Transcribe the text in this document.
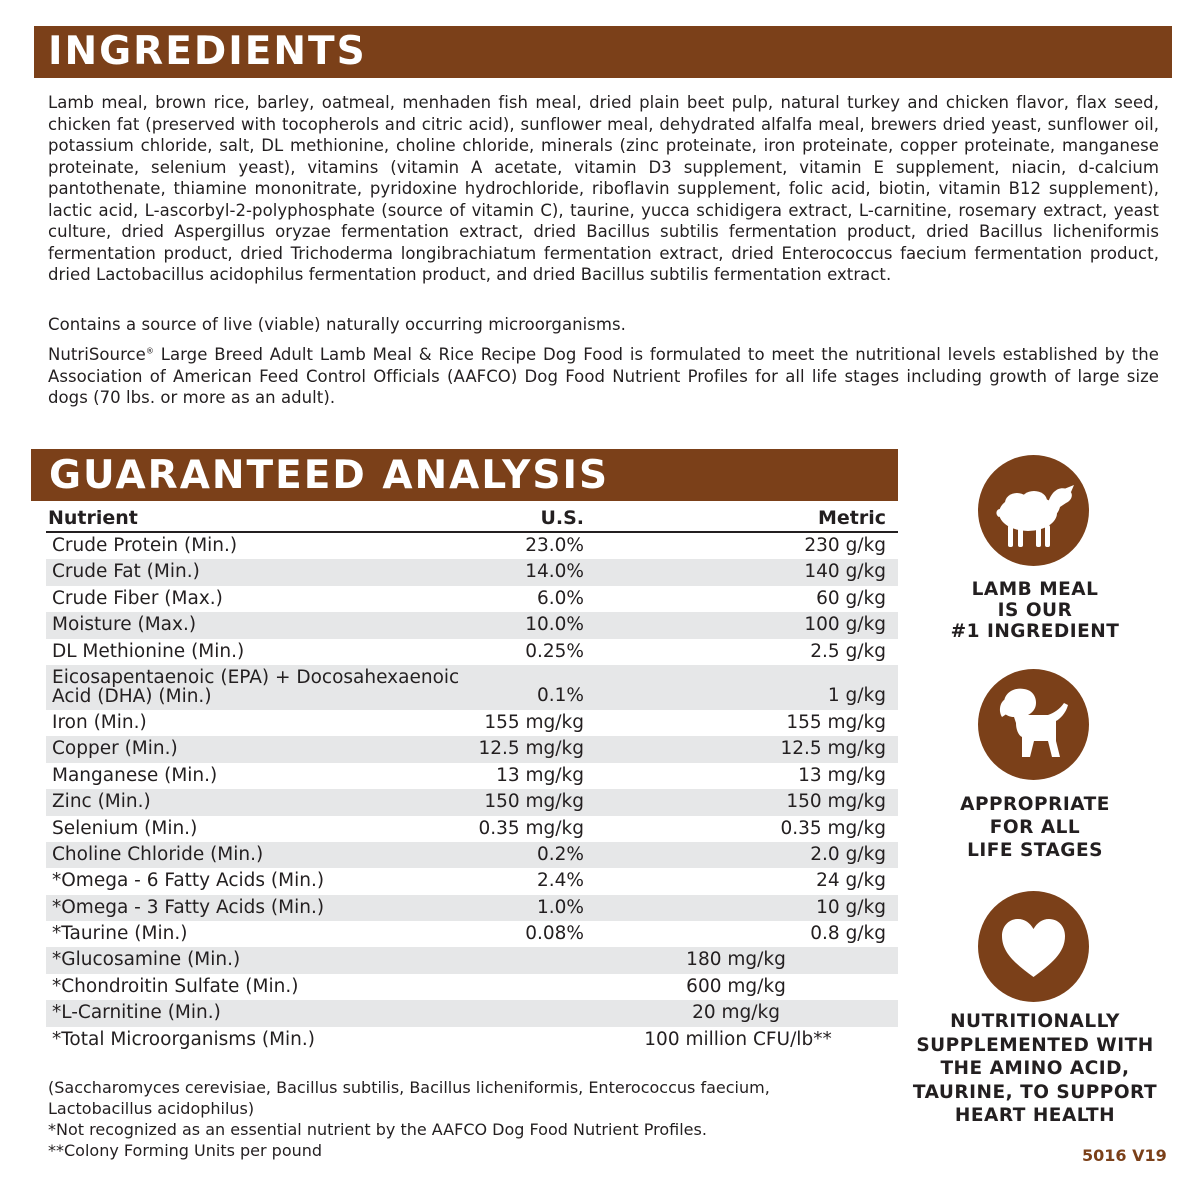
INGREDIENTS

Lamb meal, brown rice, barley, oatmeal, menhaden fish meal, dried plain beet pulp, natural turkey and chicken flavor, flax seed, chicken fat (preserved with tocopherols and citric acid), sunflower meal, dehydrated alfalfa meal, brewers dried yeast, sunflower oil, potassium chloride, salt, DL methionine, choline chloride, minerals (zinc proteinate, iron proteinate, copper proteinate, manganese proteinate, selenium yeast), vitamins (vitamin A acetate, vitamin D3 supplement, vitamin E supplement, niacin, d-calcium pantothenate, thiamine mononitrate, pyridoxine hydrochloride, riboflavin supplement, folic acid, biotin, vitamin B12 supplement), lactic acid, L-ascorbyl-2-polyphosphate (source of vitamin C), taurine, yucca schidigera extract, L-carnitine, rosemary extract, yeast culture, dried Aspergillus oryzae fermentation extract, dried Bacillus subtilis fermentation product, dried Bacillus licheniformis fermentation product, dried Trichoderma longibrachiatum fermentation extract, dried Enterococcus faecium fermentation product, dried Lactobacillus acidophilus fermentation product, and dried Bacillus subtilis fermentation extract.

Contains a source of live (viable) naturally occurring microorganisms.

NutriSource® Large Breed Adult Lamb Meal & Rice Recipe Dog Food is formulated to meet the nutritional levels established by the Association of American Feed Control Officials (AAFCO) Dog Food Nutrient Profiles for all life stages including growth of large size dogs (70 lbs. or more as an adult).

GUARANTEED ANALYSIS
Nutrient	U.S.	Metric
Crude Protein (Min.)	23.0%	230 g/kg
Crude Fat (Min.)	14.0%	140 g/kg
Crude Fiber (Max.)	6.0%	60 g/kg
Moisture (Max.)	10.0%	100 g/kg
DL Methionine (Min.)	0.25%	2.5 g/kg
Eicosapentaenoic (EPA) + Docosahexaenoic Acid (DHA) (Min.)	0.1%	1 g/kg
Iron (Min.)	155 mg/kg	155 mg/kg
Copper (Min.)	12.5 mg/kg	12.5 mg/kg
Manganese (Min.)	13 mg/kg	13 mg/kg
Zinc (Min.)	150 mg/kg	150 mg/kg
Selenium (Min.)	0.35 mg/kg	0.35 mg/kg
Choline Chloride (Min.)	0.2%	2.0 g/kg
*Omega - 6 Fatty Acids (Min.)	2.4%	24 g/kg
*Omega - 3 Fatty Acids (Min.)	1.0%	10 g/kg
*Taurine (Min.)	0.08%	0.8 g/kg
*Glucosamine (Min.)	180 mg/kg
*Chondroitin Sulfate (Min.)	600 mg/kg
*L-Carnitine (Min.)	20 mg/kg
*Total Microorganisms (Min.)	100 million CFU/lb**
(Saccharomyces cerevisiae, Bacillus subtilis, Bacillus licheniformis, Enterococcus faecium, Lactobacillus acidophilus)
*Not recognized as an essential nutrient by the AAFCO Dog Food Nutrient Profiles.
**Colony Forming Units per pound
LAMB MEAL
IS OUR
#1 INGREDIENT
APPROPRIATE
FOR ALL
LIFE STAGES
NUTRITIONALLY
SUPPLEMENTED WITH
THE AMINO ACID,
TAURINE, TO SUPPORT
HEART HEALTH
5016 V19
